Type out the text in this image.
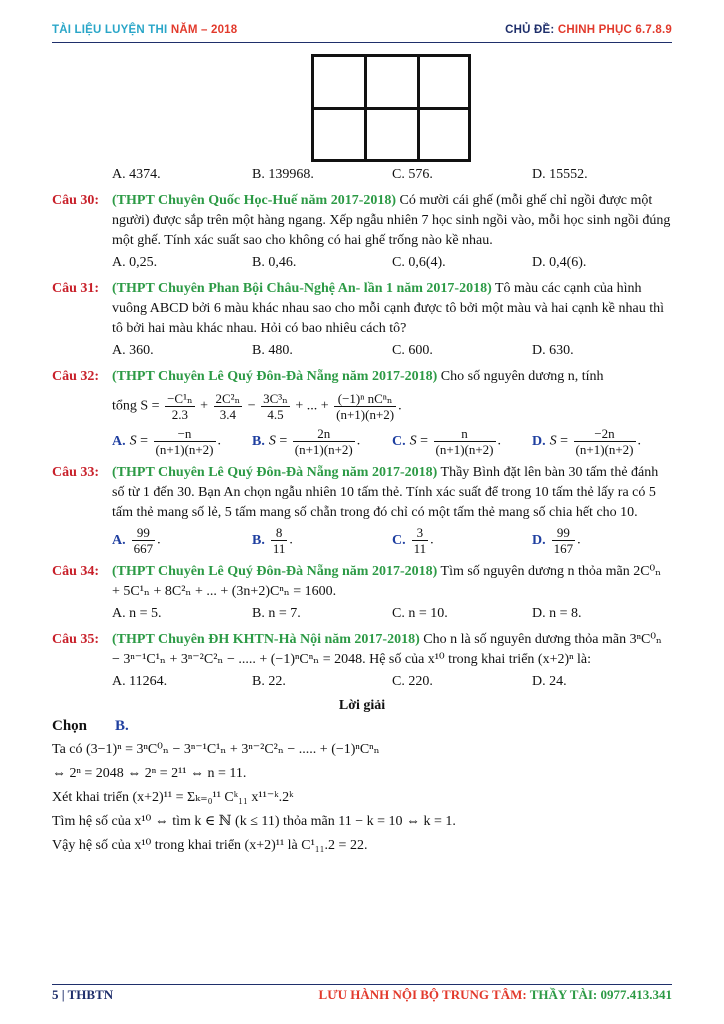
TÀI LIỆU LUYỆN THI NĂM – 2018	CHỦ ĐỀ: CHINH PHỤC 6.7.8.9
A. 4374.	B. 139968.	C. 576.	D. 15552.
Câu 30: (THPT Chuyên Quốc Học-Huế năm 2017-2018) Có mười cái ghế (mỗi ghế chỉ ngồi được một người) được sắp trên một hàng ngang. Xếp ngẫu nhiên 7 học sinh ngồi vào, mỗi học sinh ngồi đúng một ghế. Tính xác suất sao cho không có hai ghế trống nào kề nhau.
A. 0,25.	B. 0,46.	C. 0,6(4).	D. 0,4(6).
Câu 31: (THPT Chuyên Phan Bội Châu-Nghệ An- lần 1 năm 2017-2018) Tô màu các cạnh của hình vuông ABCD bởi 6 màu khác nhau sao cho mỗi cạnh được tô bởi một màu và hai cạnh kề nhau thì tô bởi hai màu khác nhau. Hỏi có bao nhiêu cách tô?
A. 360.	B. 480.	C. 600.	D. 630.
Câu 32: (THPT Chuyên Lê Quý Đôn-Đà Nẵng năm 2017-2018) Cho số nguyên dương n, tính
tổng $S = \frac{\text{−C¹ₙ}}{2.3} + \frac{\text{2C²ₙ}}{3.4} - \frac{\text{3C³ₙ}}{4.5}$ + ... + $\frac{\text{(−1)ⁿ nCⁿₙ}}{(n+1)(n+2)}$ .
A. $S = \frac{-n}{(n+1)(n+2)}$ .	B. $S = \frac{2n}{(n+1)(n+2)}$ .	C. $S = \frac{n}{(n+1)(n+2)}$ .	D. $S = \frac{-2n}{(n+1)(n+2)}$ .
Câu 33: (THPT Chuyên Lê Quý Đôn-Đà Nẵng năm 2017-2018) Thầy Bình đặt lên bàn 30 tấm thẻ đánh số từ 1 đến 30. Bạn An chọn ngẫu nhiên 10 tấm thẻ. Tính xác suất để trong 10 tấm thẻ lấy ra có 5 tấm thẻ mang số lẻ, 5 tấm mang số chẵn trong đó chỉ có một tấm thẻ mang số chia hết cho 10.
A. $\frac{99}{667}$ .	B. $\frac{8}{11}$ .	C. $\frac{3}{11}$ .	D. $\frac{99}{167}$ .
Câu 34: (THPT Chuyên Lê Quý Đôn-Đà Nẵng năm 2017-2018) Tìm số nguyên dương n thỏa mãn 2C⁰ₙ + 5C¹ₙ + 8C²ₙ + ... + (3n+2)Cⁿₙ = 1600.
A. n = 5.	B. n = 7.	C. n = 10.	D. n = 8.
Câu 35: (THPT Chuyên ĐH KHTN-Hà Nội năm 2017-2018) Cho n là số nguyên dương thỏa mãn 3ⁿC⁰ₙ − 3ⁿ⁻¹C¹ₙ + 3ⁿ⁻²C²ₙ − ..... + (−1)ⁿCⁿₙ = 2048. Hệ số của x¹⁰ trong khai triển (x+2)ⁿ là:
A. 11264.	B. 22.	C. 220.	D. 24.
Lời giải
Chọn B.

Ta có (3−1)ⁿ = 3ⁿC⁰ₙ − 3ⁿ⁻¹C¹ₙ + 3ⁿ⁻²C²ₙ − ..... + (−1)ⁿCⁿₙ

⇔ 2ⁿ = 2048 ⇔ 2ⁿ = 2¹¹ ⇔ n = 11.

Xét khai triển (x+2)¹¹ = Σₖ₌₀¹¹ Cᵏ₁₁ x¹¹⁻ᵏ.2ᵏ

Tìm hệ số của x¹⁰ ⇔ tìm k ∈ ℕ (k ≤ 11) thỏa mãn 11 − k = 10 ⇔ k = 1.

Vậy hệ số của x¹⁰ trong khai triển (x+2)¹¹ là C¹₁₁.2 = 22.

5 | THBTN	LƯU HÀNH NỘI BỘ TRUNG TÂM: THẦY TÀI: 0977.413.341
